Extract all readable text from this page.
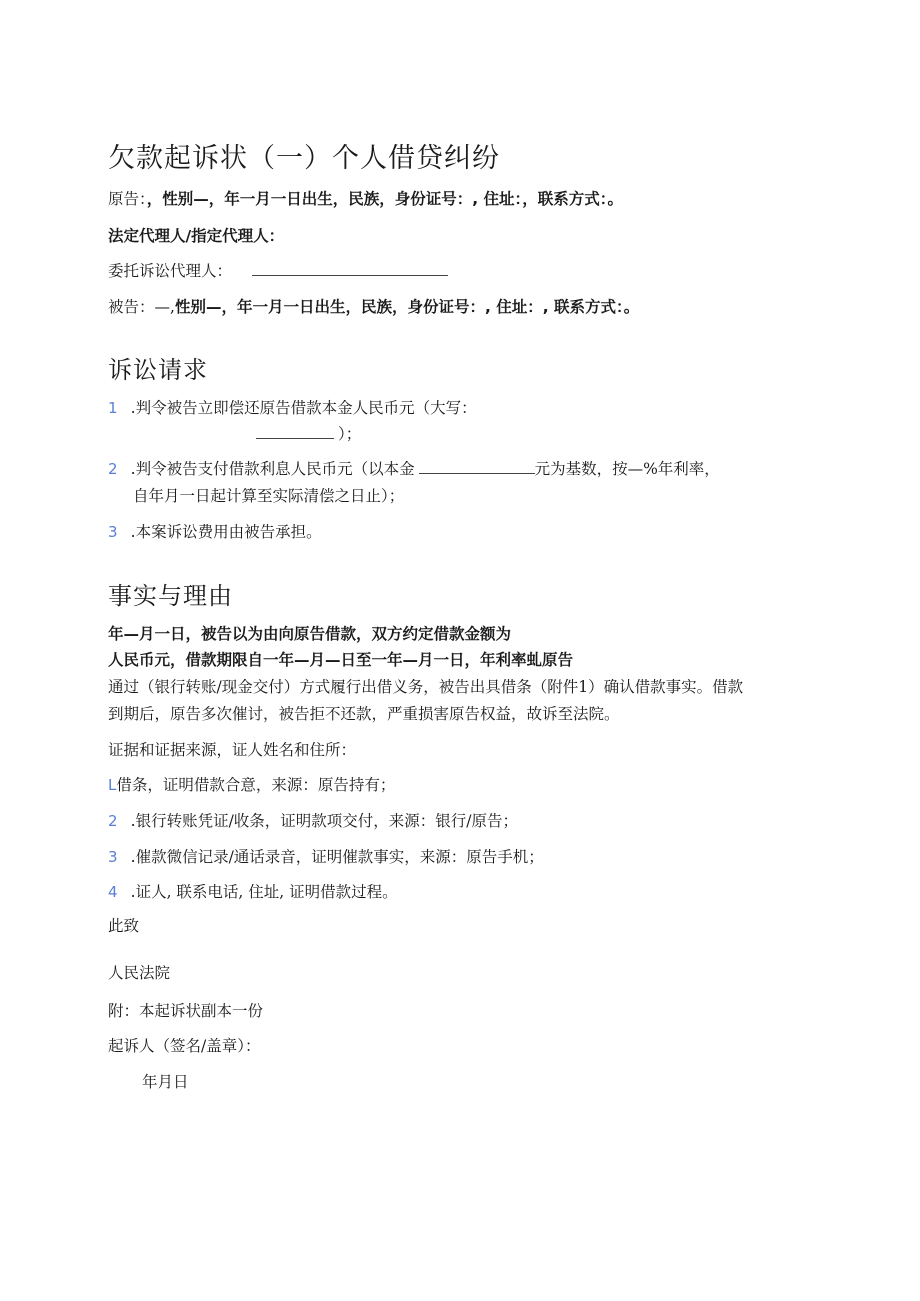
欠款起诉状（一）个人借贷纠纷
原告：，性别—，年一月一日出生，民族，身份证号：, 住址：，联系方式：。
法定代理人/指定代理人：
委托诉讼代理人：
被告：—,性别—，年一月一日出生，民族，身份证号：, 住址：, 联系方式：。
诉讼请求
1 .判令被告立即偿还原告借款本金人民币元（大写：
）；
2 .判令被告支付借款利息人民币元（以本金	元为基数，按—%年利率，
自年月一日起计算至实际清偿之日止）；
3 .本案诉讼费用由被告承担。
事实与理由
年—月一日，被告以为由向原告借款，双方约定借款金额为
人民币元，借款期限自一年—月—日至一年—月一日，年利率虬原告
通过（银行转账/现金交付）方式履行出借义务，被告出具借条（附件1）确认借款事实。借款
到期后，原告多次催讨，被告拒不还款，严重损害原告权益，故诉至法院。
证据和证据来源，证人姓名和住所：
L借条，证明借款合意，来源：原告持有；
2 .银行转账凭证/收条，证明款项交付，来源：银行/原告；
3 .催款微信记录/通话录音，证明催款事实，来源：原告手机；
4 .证人, 联系电话, 住址, 证明借款过程。
此致
人民法院
附：本起诉状副本一份
起诉人（签名/盖章）：
年月日
